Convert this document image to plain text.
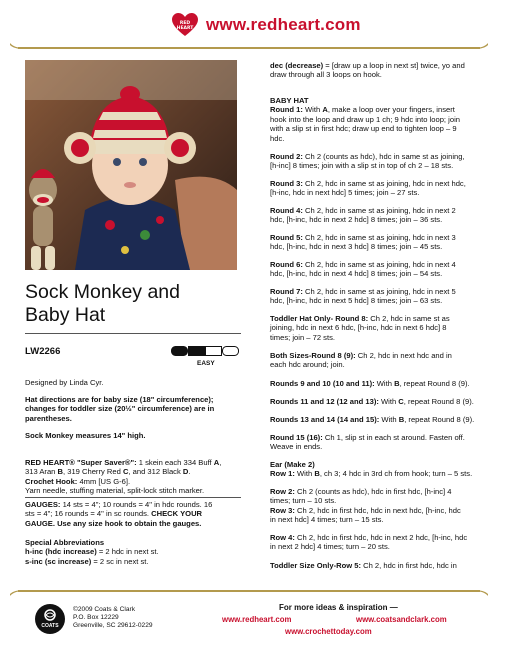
RED HEART www.redheart.com
Sock Monkey and
Baby Hat
LW2266
EASY
Designed by Linda Cyr.
Hat directions are for baby size (18" circumference);
changes for toddler size (20½" circumference) are in
parentheses.
Sock Monkey measures 14" high.
RED HEART® "Super Saver®": 1 skein each 334 Buff A,
313 Aran B, 319 Cherry Red C, and 312 Black D.
Crochet Hook: 4mm [US G-6].
Yarn needle, stuffing material, split-lock stitch marker.
GAUGES: 14 sts = 4"; 10 rounds = 4" in hdc rounds. 16
sts = 4"; 16 rounds = 4" in sc rounds. CHECK YOUR
GAUGE. Use any size hook to obtain the gauges.
Special Abbreviations
h-inc (hdc increase) = 2 hdc in next st.
s-inc (sc increase) = 2 sc in next st.
dec (decrease) = [draw up a loop in next st] twice, yo and
draw through all 3 loops on hook.
BABY HAT
Round 1: With A, make a loop over your fingers, insert
hook into the loop and draw up 1 ch; 9 hdc into loop; join
with a slip st in first hdc; draw up end to tighten loop – 9
hdc.
Round 2: Ch 2 (counts as hdc), hdc in same st as joining,
[h-inc] 8 times; join with a slip st in top of ch 2 – 18 sts.
Round 3: Ch 2, hdc in same st as joining, hdc in next hdc,
[h-inc, hdc in next hdc] 5 times; join – 27 sts.
Round 4: Ch 2, hdc in same st as joining, hdc in next 2
hdc, [h-inc, hdc in next 2 hdc] 8 times; join – 36 sts.
Round 5: Ch 2, hdc in same st as joining, hdc in next 3
hdc, [h-inc, hdc in next 3 hdc] 8 times; join – 45 sts.
Round 6: Ch 2, hdc in same st as joining, hdc in next 4
hdc, [h-inc, hdc in next 4 hdc] 8 times; join – 54 sts.
Round 7: Ch 2, hdc in same st as joining, hdc in next 5
hdc, [h-inc, hdc in next 5 hdc] 8 times; join – 63 sts.
Toddler Hat Only- Round 8: Ch 2, hdc in same st as
joining, hdc in next 6 hdc, [h-inc, hdc in next 6 hdc] 8
times; join – 72 sts.
Both Sizes-Round 8 (9): Ch 2, hdc in next hdc and in
each hdc around; join.
Rounds 9 and 10 (10 and 11): With B, repeat Round 8 (9).
Rounds 11 and 12 (12 and 13): With C, repeat Round 8 (9).
Rounds 13 and 14 (14 and 15): With B, repeat Round 8 (9).
Round 15 (16): Ch 1, slip st in each st around. Fasten off.
Weave in ends.
Ear (Make 2)
Row 1: With B, ch 3; 4 hdc in 3rd ch from hook; turn – 5 sts.
Row 2: Ch 2 (counts as hdc), hdc in first hdc, [h-inc] 4
times; turn – 10 sts.
Row 3: Ch 2, hdc in first hdc, hdc in next hdc, [h-inc, hdc
in next hdc] 4 times; turn – 15 sts.
Row 4: Ch 2, hdc in first hdc, hdc in next 2 hdc, [h-inc, hdc
in next 2 hdc] 4 times; turn – 20 sts.
Toddler Size Only-Row 5: Ch 2, hdc in first hdc, hdc in
COATS
©2009 Coats & Clark
P.O. Box 12229
Greenville, SC 29612-0229
For more ideas & inspiration —
www.redheart.com	www.coatsandclark.com
www.crochettoday.com
